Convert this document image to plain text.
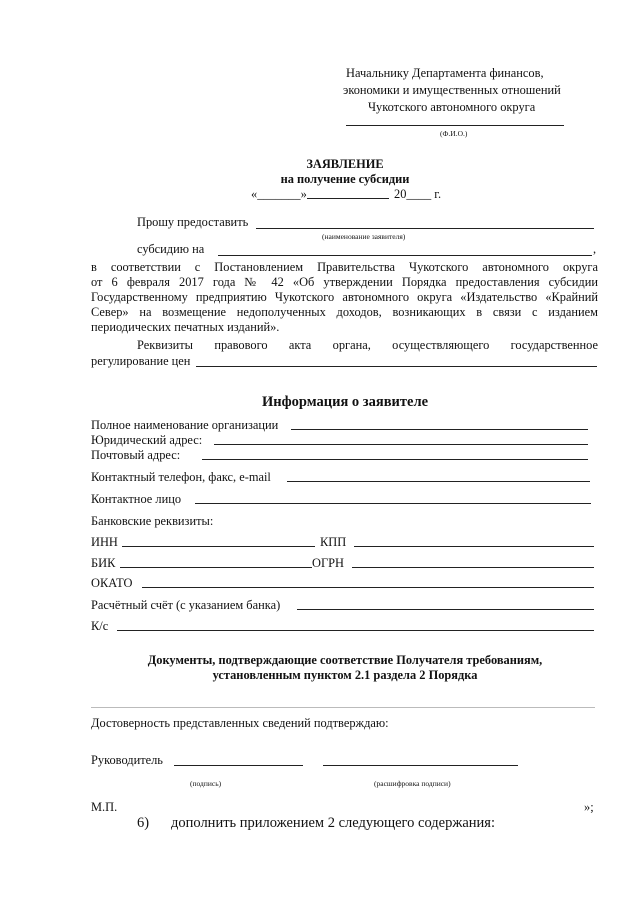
Начальнику Департамента финансов,
экономики и имущественных отношений
Чукотского автономного округа
(Ф.И.О.)
ЗАЯВЛЕНИЕ
на получение субсидии
«_______»	20____ г.
Прошу предоставить
(наименование заявителя)
субсидию на	,
в соответствии с Постановлением Правительства Чукотского автономного округа
от 6 февраля 2017 года № 42 «Об утверждении Порядка предоставления субсидии
Государственному предприятию Чукотского автономного округа «Издательство «Крайний
Север» на возмещение недополученных доходов, возникающих в связи с изданием
периодических печатных изданий».
Реквизиты правового акта органа, осуществляющего государственное
регулирование цен
Информация о заявителе
Полное наименование организации
Юридический адрес:
Почтовый адрес:
Контактный телефон, факс, e-mail
Контактное лицо
Банковские реквизиты:
ИНН	КПП
БИК	ОГРН
ОКАТО
Расчётный счёт (с указанием банка)
К/с
Документы, подтверждающие соответствие Получателя требованиям,
установленным пунктом 2.1 раздела 2 Порядка
Достоверность представленных сведений подтверждаю:
Руководитель
(подпись)	(расшифровка подписи)
М.П.	»;
6) дополнить приложением 2 следующего содержания:
